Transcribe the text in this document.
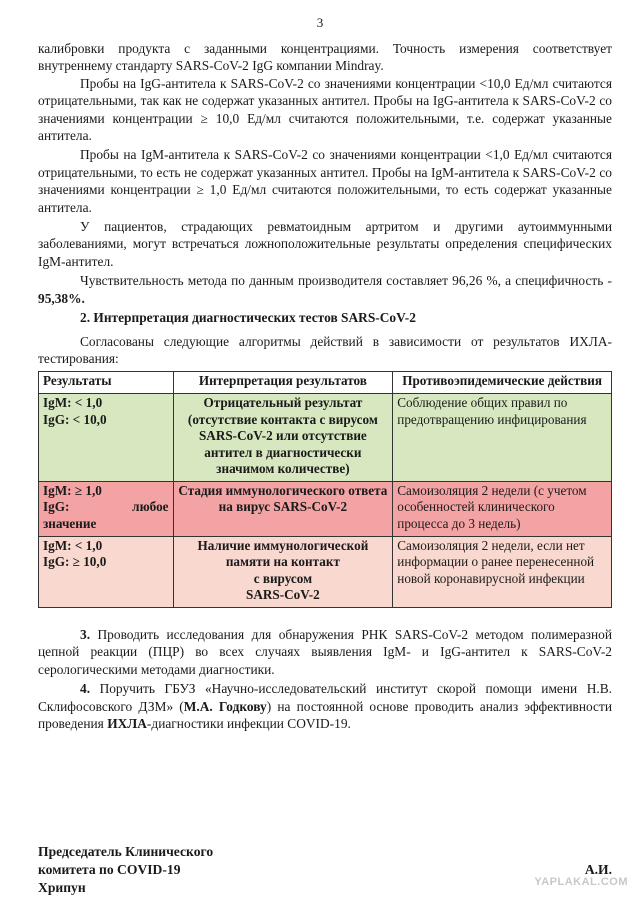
3

калибровки продукта с заданными концентрациями. Точность измерения соответствует внутреннему стандарту SARS-CoV-2 IgG компании Mindray.

Пробы на IgG-антитела к SARS-CoV-2 со значениями концентрации <10,0 Ед/мл считаются отрицательными, так как не содержат указанных антител. Пробы на IgG-антитела к SARS-CoV-2 со значениями концентрации ≥ 10,0 Ед/мл считаются положительными, т.е. содержат указанные антитела.

Пробы на IgM-антитела к SARS-CoV-2 со значениями концентрации <1,0 Ед/мл считаются отрицательными, то есть не содержат указанных антител. Пробы на IgM-антитела к SARS-CoV-2 со значениями концентрации ≥ 1,0 Ед/мл считаются положительными, то есть содержат указанные антитела.

У пациентов, страдающих ревматоидным артритом и другими аутоиммунными заболеваниями, могут встречаться ложноположительные результаты определения специфических IgM-антител.

Чувствительность метода по данным производителя составляет 96,26 %, а специфичность - 95,38%.

2. Интерпретация диагностических тестов SARS-CoV-2

Согласованы следующие алгоритмы действий в зависимости от результатов ИХЛА-тестирования:

Результаты	Интерпретация результатов	Противоэпидемические действия

IgM: < 1,0
IgG: < 10,0	Отрицательный результат
(отсутствие контакта с вирусом
SARS-CoV-2 или отсутствие антител в диагностически значимом количестве)	Соблюдение общих правил по предотвращению инфицирования

IgM: ≥ 1,0
IgG: любое
значение	Стадия иммунологического ответа на вирус SARS-CoV-2	Самоизоляция 2 недели (с учетом особенностей клинического процесса до 3 недель)

IgM: < 1,0
IgG: ≥ 10,0	Наличие иммунологической памяти на контакт
с вирусом
SARS-CoV-2	Самоизоляция 2 недели, если нет информации о ранее перенесенной новой коронавирусной инфекции

3. Проводить исследования для обнаружения РНК SARS-CoV-2 методом полимеразной цепной реакции (ПЦР) во всех случаях выявления IgM- и IgG-антител к SARS-CoV-2 серологическими методами диагностики.

4. Поручить ГБУЗ «Научно-исследовательский институт скорой помощи имени Н.В. Склифосовского ДЗМ» (М.А. Годкову) на постоянной основе проводить анализ эффективности проведения ИХЛА-диагностики инфекции COVID-19.

Председатель Клинического
комитета по COVID-19	А.И.
Хрипун	YAPLAKAL.COM
